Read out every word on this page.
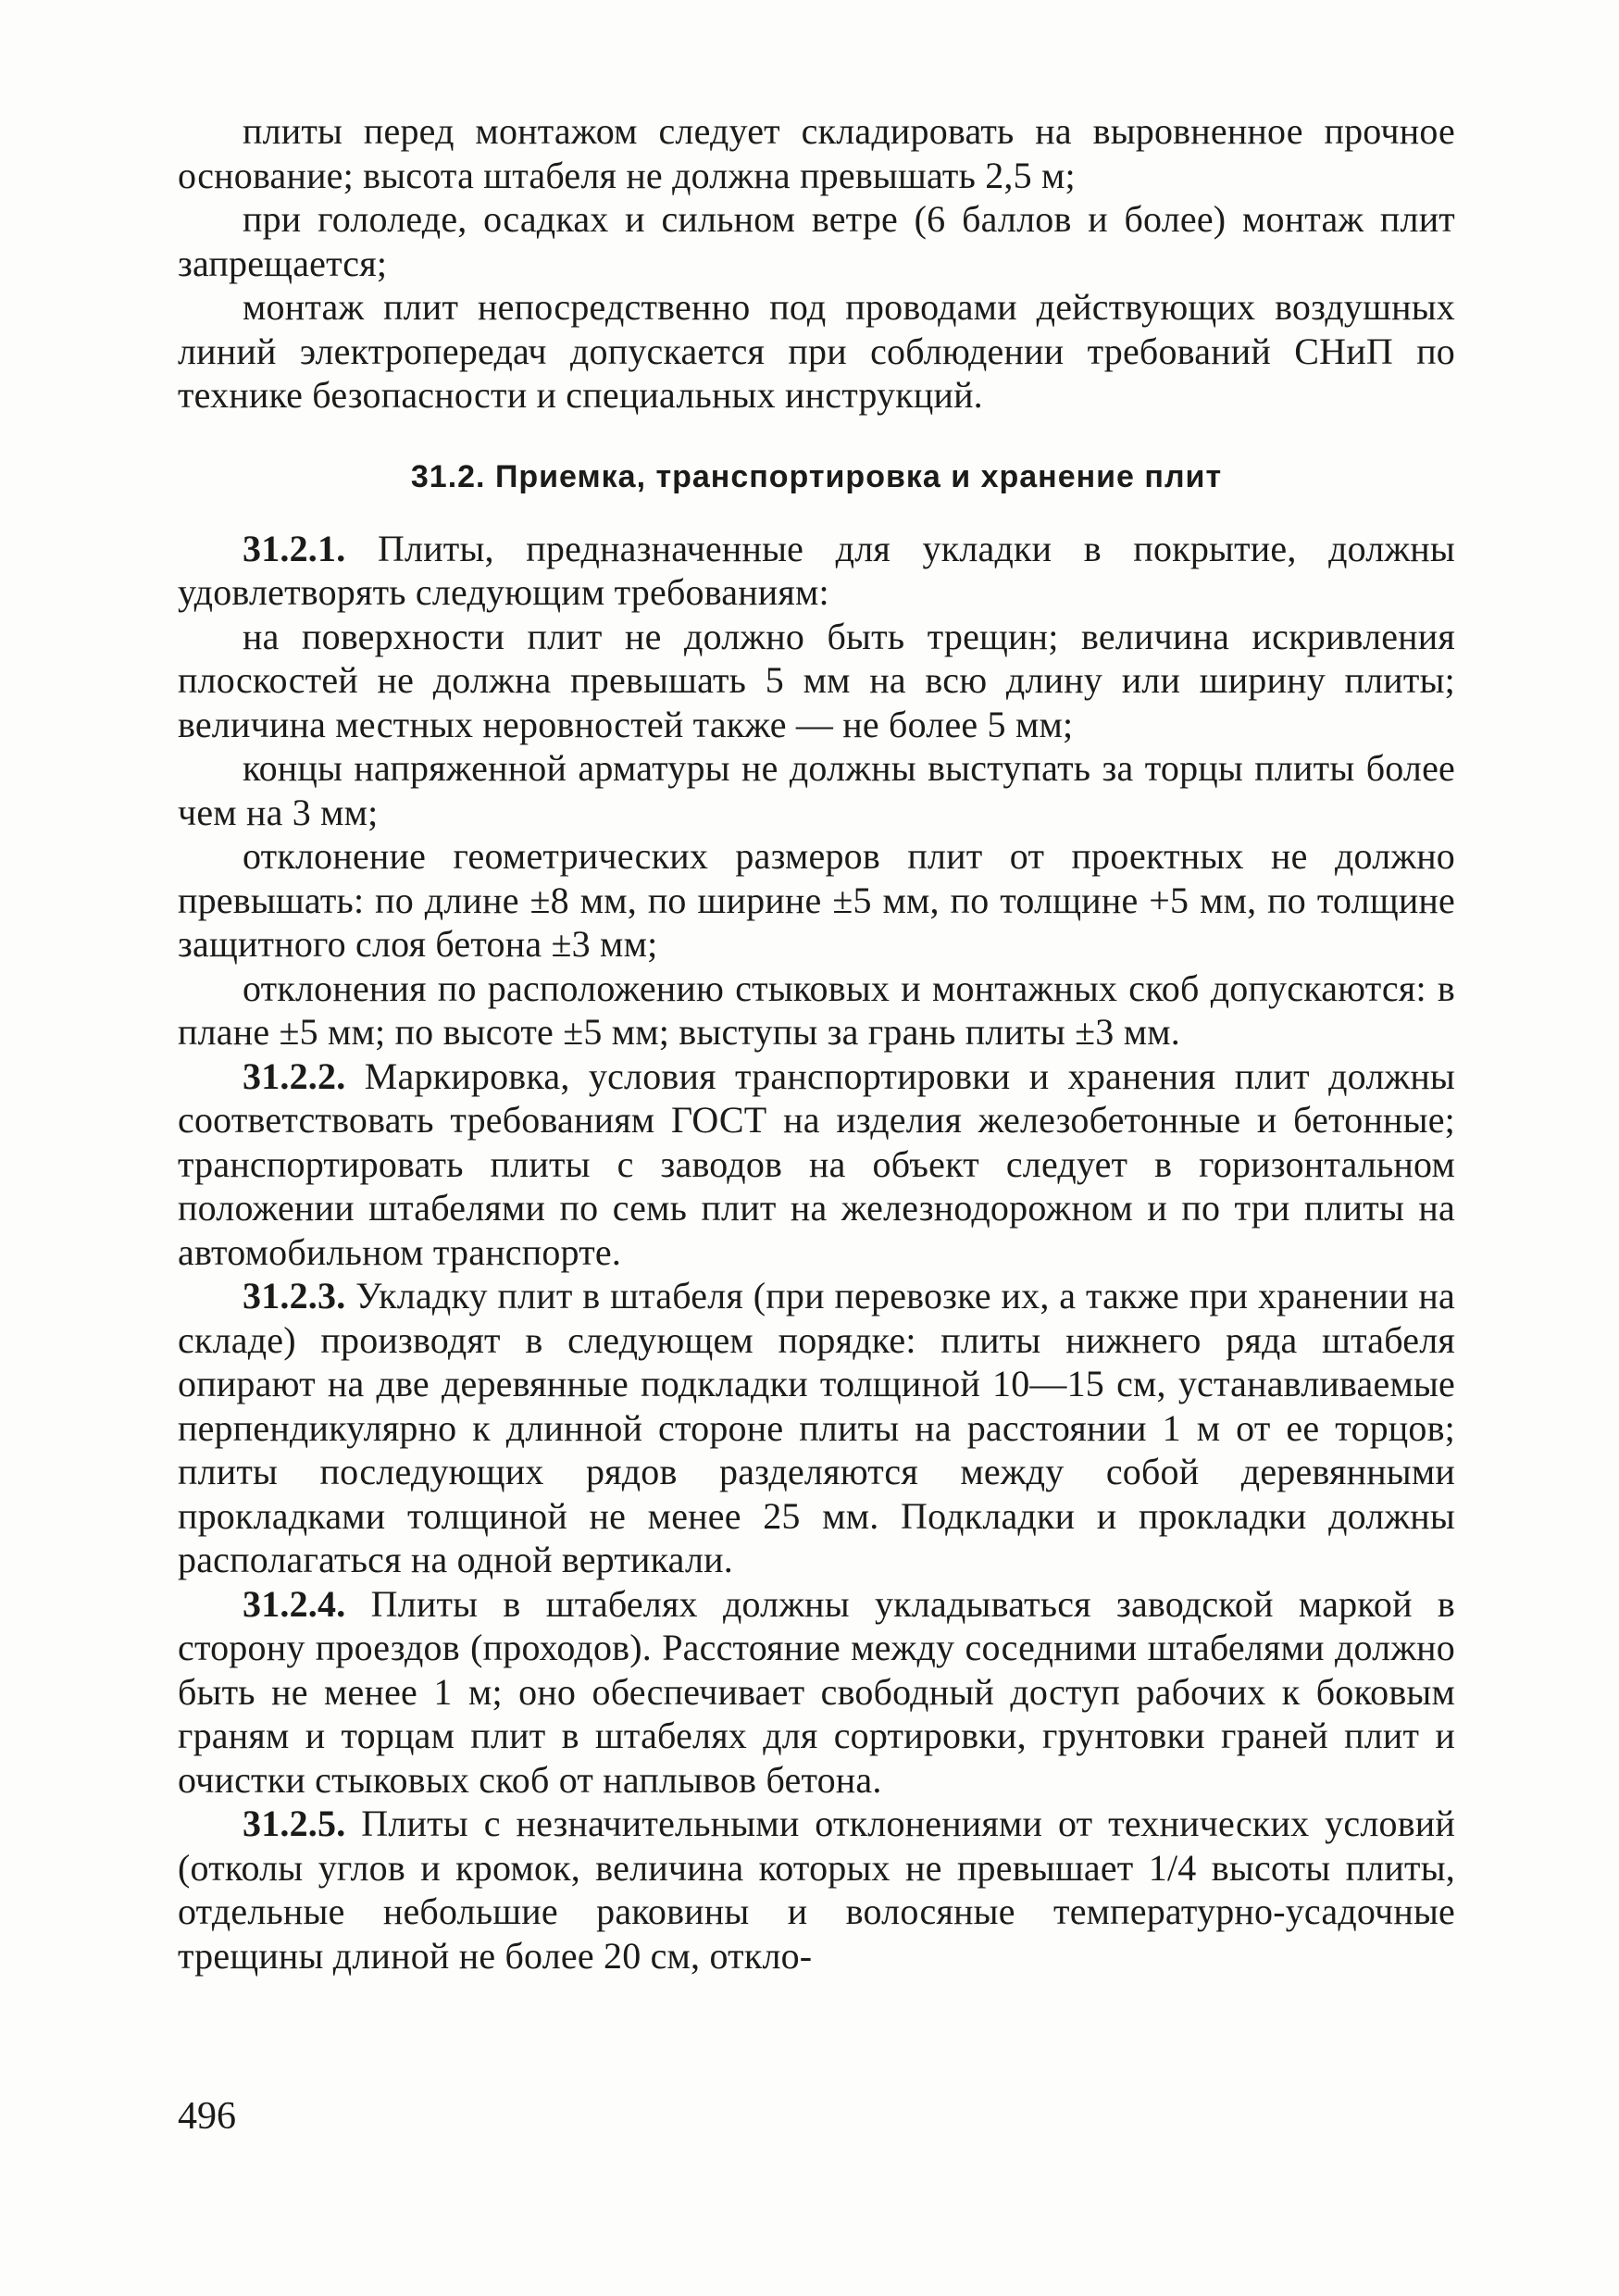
плиты перед монтажом следует складировать на выровненное прочное основание; высота штабеля не должна превышать 2,5 м;

при гололеде, осадках и сильном ветре (6 баллов и более) монтаж плит запрещается;

монтаж плит непосредственно под проводами действующих воздушных линий электропередач допускается при соблюдении требований СНиП по технике безопасности и специальных инструкций.

31.2. Приемка, транспортировка и хранение плит

31.2.1. Плиты, предназначенные для укладки в покрытие, должны удовлетворять следующим требованиям:

на поверхности плит не должно быть трещин; величина искривления плоскостей не должна превышать 5 мм на всю длину или ширину плиты; величина местных неровностей также — не более 5 мм;

концы напряженной арматуры не должны выступать за торцы плиты более чем на 3 мм;

отклонение геометрических размеров плит от проектных не должно превышать: по длине ±8 мм, по ширине ±5 мм, по толщине +5 мм, по толщине защитного слоя бетона ±3 мм;

отклонения по расположению стыковых и монтажных скоб допускаются: в плане ±5 мм; по высоте ±5 мм; выступы за грань плиты ±3 мм.

31.2.2. Маркировка, условия транспортировки и хранения плит должны соответствовать требованиям ГОСТ на изделия железобетонные и бетонные; транспортировать плиты с заводов на объект следует в горизонтальном положении штабелями по семь плит на железнодорожном и по три плиты на автомобильном транспорте.

31.2.3. Укладку плит в штабеля (при перевозке их, а также при хранении на складе) производят в следующем порядке: плиты нижнего ряда штабеля опирают на две деревянные подкладки толщиной 10—15 см, устанавливаемые перпендикулярно к длинной стороне плиты на расстоянии 1 м от ее торцов; плиты последующих рядов разделяются между собой деревянными прокладками толщиной не менее 25 мм. Подкладки и прокладки должны располагаться на одной вертикали.

31.2.4. Плиты в штабелях должны укладываться заводской маркой в сторону проездов (проходов). Расстояние между соседними штабелями должно быть не менее 1 м; оно обеспечивает свободный доступ рабочих к боковым граням и торцам плит в штабелях для сортировки, грунтовки граней плит и очистки стыковых скоб от наплывов бетона.

31.2.5. Плиты с незначительными отклонениями от технических условий (отколы углов и кромок, величина которых не превышает 1/4 высоты плиты, отдельные небольшие раковины и волосяные температурно-усадочные трещины длиной не более 20 см, откло-

496
